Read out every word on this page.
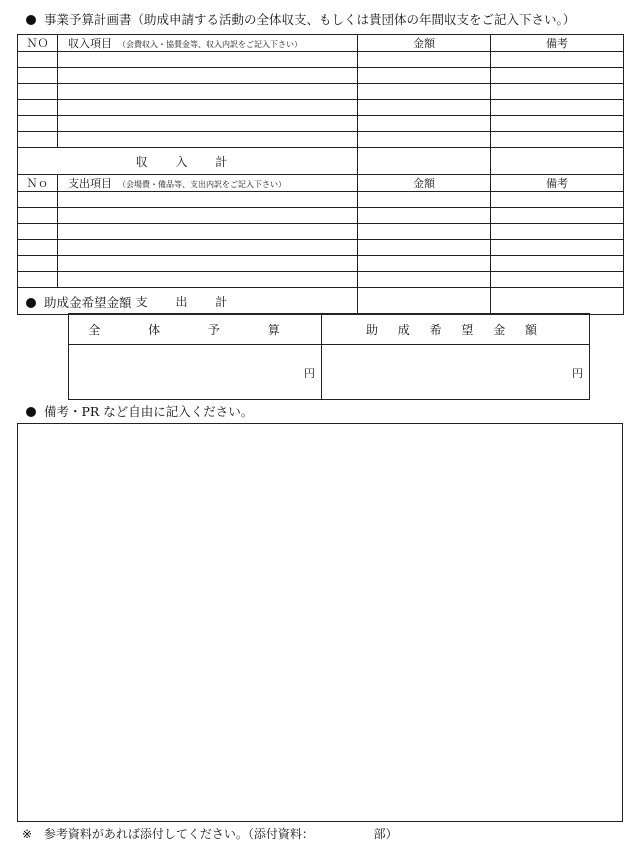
事業予算計画書（助成申請する活動の全体収支、もしくは貴団体の年間収支をご記入下さい。）
ＮＯ	収入項目 （会費収入・協賛金等、収入内訳をご記入下さい）	金額	備考

収 入 計			
Ｎｏ	支出項目 （会場費・備品等、支出内訳をご記入下さい）	金額	備考

支 出 計			
助成金希望金額
全 体 予 算	助 成 希 望 金 額

円	円
備考・PR など自由に記入ください。
※ 参考資料があれば添付してください。（添付資料：	部）
